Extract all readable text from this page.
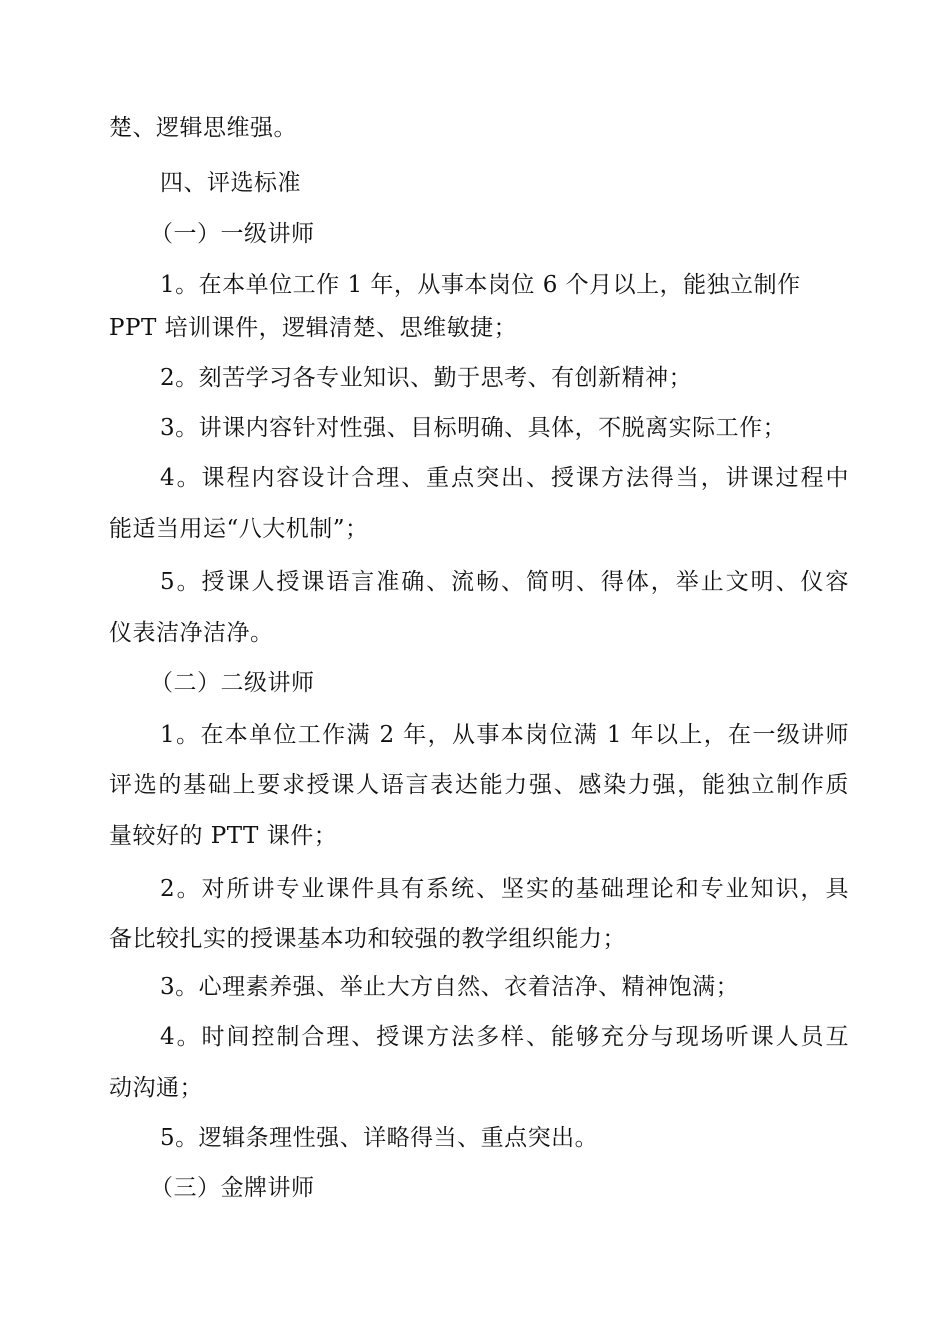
楚、逻辑思维强。
四、评选标准
（一）一级讲师
1。在本单位工作 1 年，从事本岗位 6 个月以上，能独立制作
PPT 培训课件，逻辑清楚、思维敏捷；
2。刻苦学习各专业知识、勤于思考、有创新精神；
3。讲课内容针对性强、目标明确、具体，不脱离实际工作；
4。课程内容设计合理、重点突出、授课方法得当，讲课过程中
能适当用运“八大机制”；
5。授课人授课语言准确、流畅、简明、得体，举止文明、仪容
仪表洁净洁净。
（二）二级讲师
1。在本单位工作满 2 年，从事本岗位满 1 年以上，在一级讲师
评选的基础上要求授课人语言表达能力强、感染力强，能独立制作质
量较好的 PTT 课件；
2。对所讲专业课件具有系统、坚实的基础理论和专业知识，具
备比较扎实的授课基本功和较强的教学组织能力；
3。心理素养强、举止大方自然、衣着洁净、精神饱满；
4。时间控制合理、授课方法多样、能够充分与现场听课人员互
动沟通；
5。逻辑条理性强、详略得当、重点突出。
（三）金牌讲师
